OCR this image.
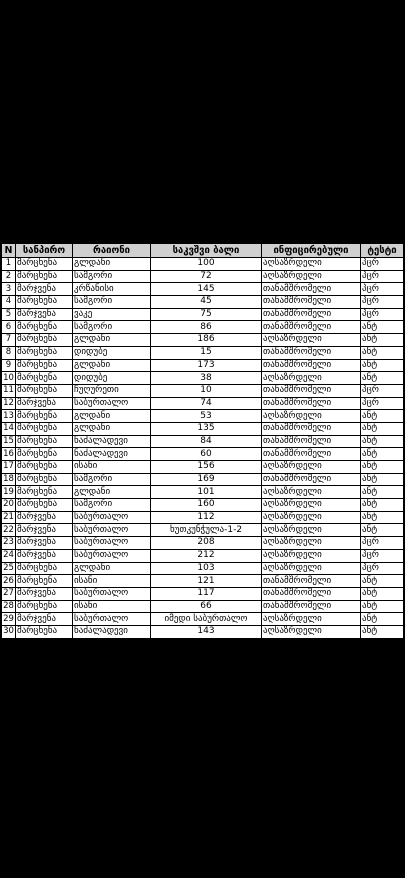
N	სანპირო	რაიონი	საკვშვი ბალი	ინფიცირებული	ტესტი
1	მარცხენა	გლდანი	100	აღსაზრდელი	პცრ
2	მარცხენა	სამგორი	72	აღსაზრდელი	პცრ
3	მარჯვენა	კრწანისი	145	თანამშრომელი	პცრ
4	მარცხენა	სამგორი	45	თანამშრომელი	პცრ
5	მარჯვენა	ვაკე	75	თანამშრომელი	პცრ
6	მარცხენა	სამგორი	86	თანამშრომელი	ანტ
7	მარცხენა	გლდანი	186	აღსაზრდელი	ანტ
8	მარცხენა	დიდუბე	15	თანამშრომელი	ანტ
9	მარცხენა	გლდანი	173	თანამშრომელი	ანტ
10	მარცხენა	დიდუბე	38	აღსაზრდელი	ანტ
11	მარცხენა	ჩუღურეთი	10	თანამშრომელი	პცრ
12	მარჯვენა	საბურთალო	74	თანამშრომელი	პცრ
13	მარცხენა	გლდანი	53	აღსაზრდელი	ანტ
14	მარცხენა	გლდანი	135	თანამშრომელი	ანტ
15	მარცხენა	ნაძალადევი	84	თანამშრომელი	ანტ
16	მარცხენა	ნაძალადევი	60	თანამშრომელი	ანტ
17	მარცხენა	ისანი	156	აღსაზრდელი	ანტ
18	მარცხენა	სამგორი	169	თანამშრომელი	ანტ
19	მარცხენა	გლდანი	101	აღსაზრდელი	ანტ
20	მარცხენა	სამგორი	160	აღსაზრდელი	ანტ
21	მარჯვენა	საბურთალო	112	აღსაზრდელი	ანტ
22	მარჯვენა	საბურთალო	ხუთკუნჭულა-1-2	აღსაზრდელი	ანტ
23	მარჯვენა	საბურთალო	208	აღსაზრდელი	პცრ
24	მარჯვენა	საბურთალო	212	აღსაზრდელი	პცრ
25	მარცხენა	გლდანი	103	აღსაზრდელი	პცრ
26	მარცხენა	ისანი	121	თანამშრომელი	ანტ
27	მარჯვენა	საბურთალო	117	თანამშრომელი	ანტ
28	მარცხენა	ისანი	66	თანამშრომელი	ანტ
29	მარჯვენა	საბურთალო	იმედი საბურთალო	აღსაზრდელი	ანტ
30	მარცხენა	ნაძალადევი	143	აღსაზრდელი	ანტ
